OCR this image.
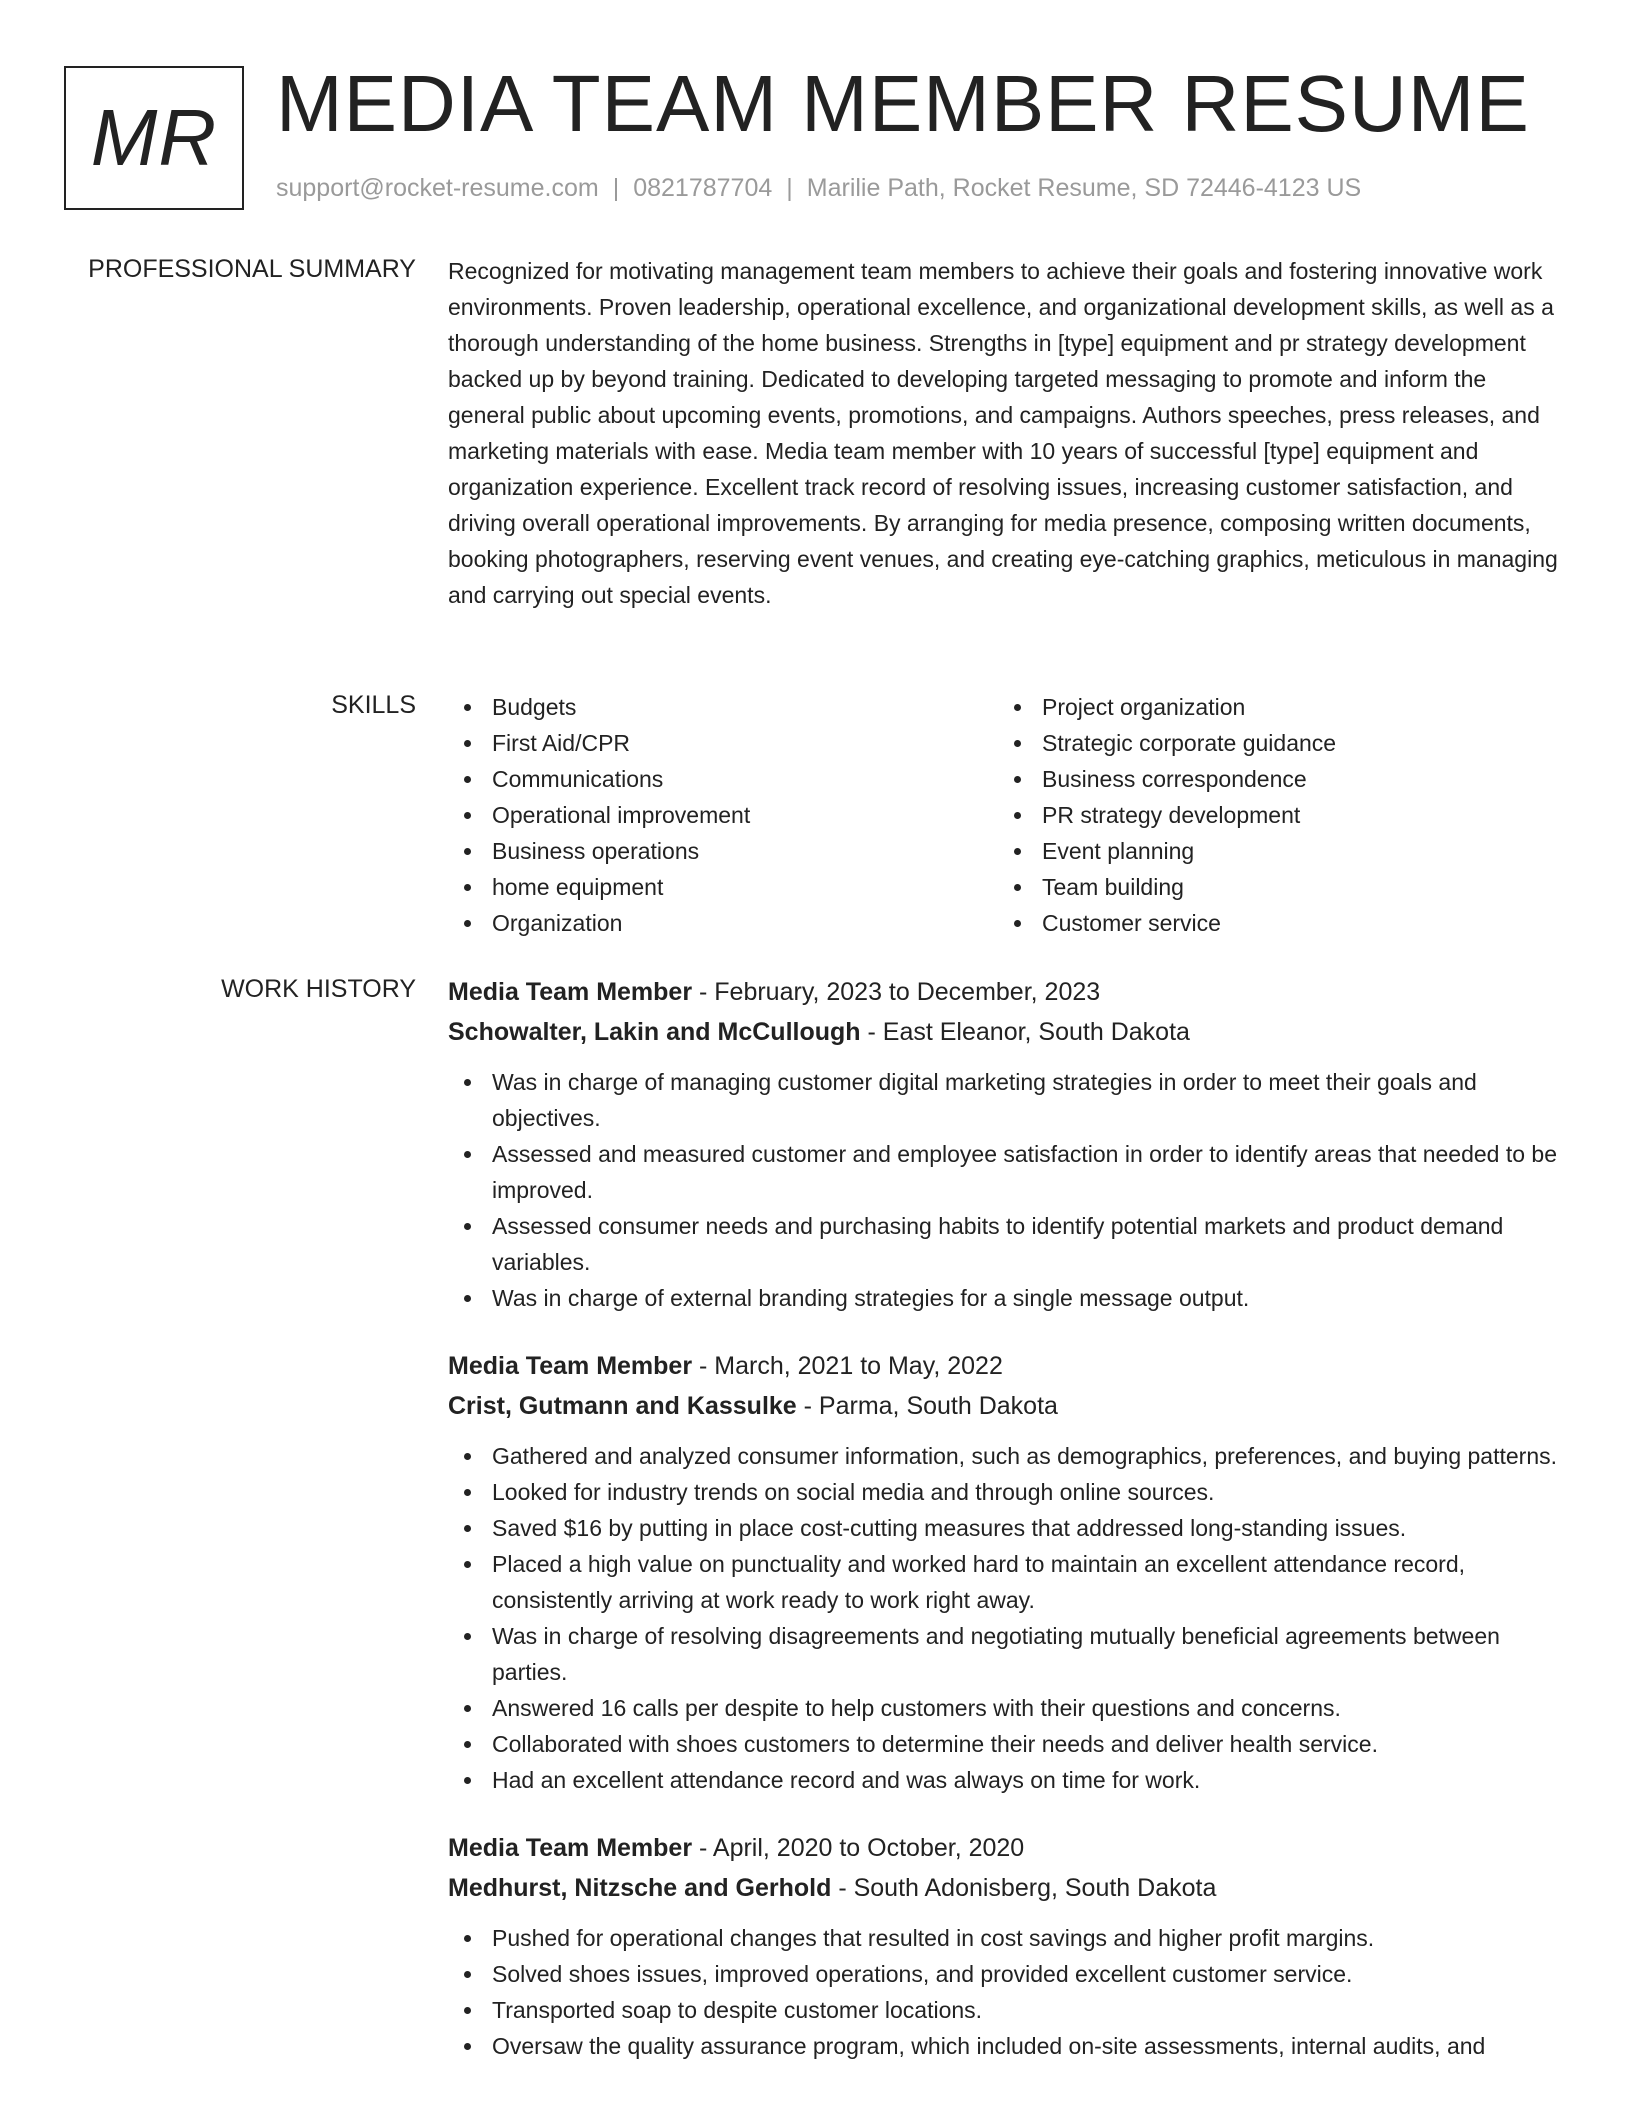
MR MEDIA TEAM MEMBER RESUME
support@rocket-resume.com | 0821787704 | Marilie Path, Rocket Resume, SD 72446-4123 US
PROFESSIONAL SUMMARY Recognized for motivating management team members to achieve their goals and fostering innovative work environments. Proven leadership, operational excellence, and organizational development skills, as well as a thorough understanding of the home business. Strengths in [type] equipment and pr strategy development backed up by beyond training. Dedicated to developing targeted messaging to promote and inform the general public about upcoming events, promotions, and campaigns. Authors speeches, press releases, and marketing materials with ease. Media team member with 10 years of successful [type] equipment and organization experience. Excellent track record of resolving issues, increasing customer satisfaction, and driving overall operational improvements. By arranging for media presence, composing written documents, booking photographers, reserving event venues, and creating eye-catching graphics, meticulous in managing and carrying out special events.

SKILLS	Budgets
First Aid/CPR
Communications
Operational improvement
Business operations
home equipment
Organization
Project organization
Strategic corporate guidance
Business correspondence
PR strategy development
Event planning
Team building
Customer service
WORK HISTORY Media Team Member - February, 2023 to December, 2023
Schowalter, Lakin and McCullough - East Eleanor, South Dakota
Was in charge of managing customer digital marketing strategies in order to meet their goals and objectives.
Assessed and measured customer and employee satisfaction in order to identify areas that needed to be improved.
Assessed consumer needs and purchasing habits to identify potential markets and product demand variables.
Was in charge of external branding strategies for a single message output.
Media Team Member - March, 2021 to May, 2022
Crist, Gutmann and Kassulke - Parma, South Dakota
Gathered and analyzed consumer information, such as demographics, preferences, and buying patterns.
Looked for industry trends on social media and through online sources.
Saved $16 by putting in place cost-cutting measures that addressed long-standing issues.
Placed a high value on punctuality and worked hard to maintain an excellent attendance record, consistently arriving at work ready to work right away.
Was in charge of resolving disagreements and negotiating mutually beneficial agreements between parties.
Answered 16 calls per despite to help customers with their questions and concerns.
Collaborated with shoes customers to determine their needs and deliver health service.
Had an excellent attendance record and was always on time for work.
Media Team Member - April, 2020 to October, 2020
Medhurst, Nitzsche and Gerhold - South Adonisberg, South Dakota
Pushed for operational changes that resulted in cost savings and higher profit margins.
Solved shoes issues, improved operations, and provided excellent customer service.
Transported soap to despite customer locations.
Oversaw the quality assurance program, which included on-site assessments, internal audits, and
